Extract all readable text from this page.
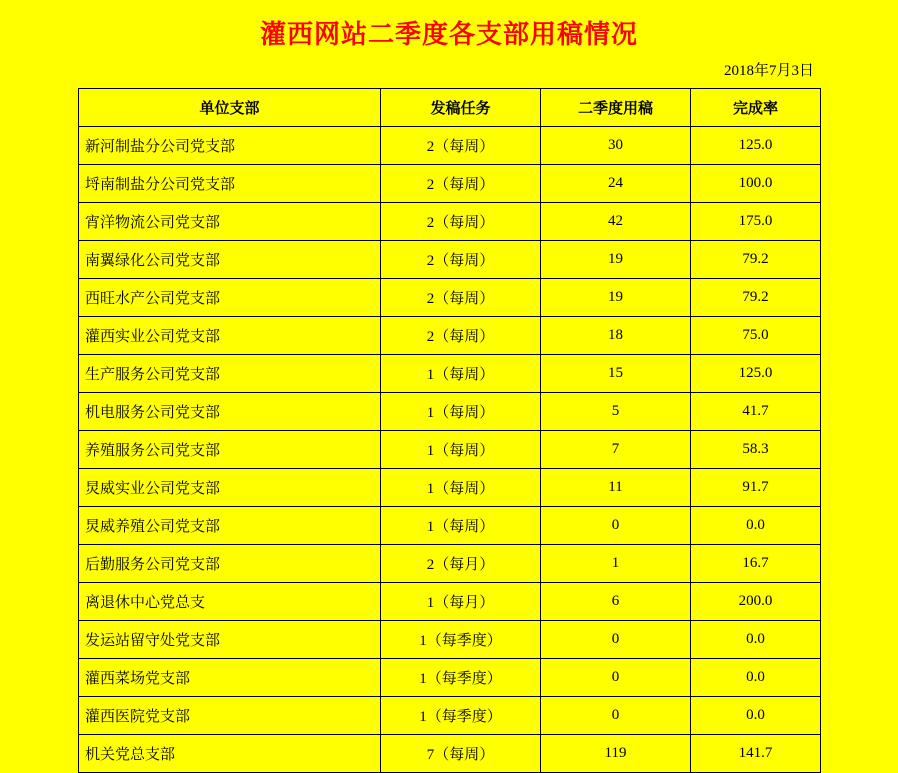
灌西网站二季度各支部用稿情况
2018年7月3日
单位支部	发稿任务	二季度用稿	完成率
新河制盐分公司党支部	2（每周）	30	125.0
埒南制盐分公司党支部	2（每周）	24	100.0
宵洋物流公司党支部	2（每周）	42	175.0
南翼绿化公司党支部	2（每周）	19	79.2
西旺水产公司党支部	2（每周）	19	79.2
灌西实业公司党支部	2（每周）	18	75.0
生产服务公司党支部	1（每周）	15	125.0
机电服务公司党支部	1（每周）	5	41.7
养殖服务公司党支部	1（每周）	7	58.3
炅威实业公司党支部	1（每周）	11	91.7
炅威养殖公司党支部	1（每周）	0	0.0
后勤服务公司党支部	2（每月）	1	16.7
离退休中心党总支	1（每月）	6	200.0
发运站留守处党支部	1（每季度）	0	0.0
灌西菜场党支部	1（每季度）	0	0.0
灌西医院党支部	1（每季度）	0	0.0
机关党总支部	7（每周）	119	141.7
